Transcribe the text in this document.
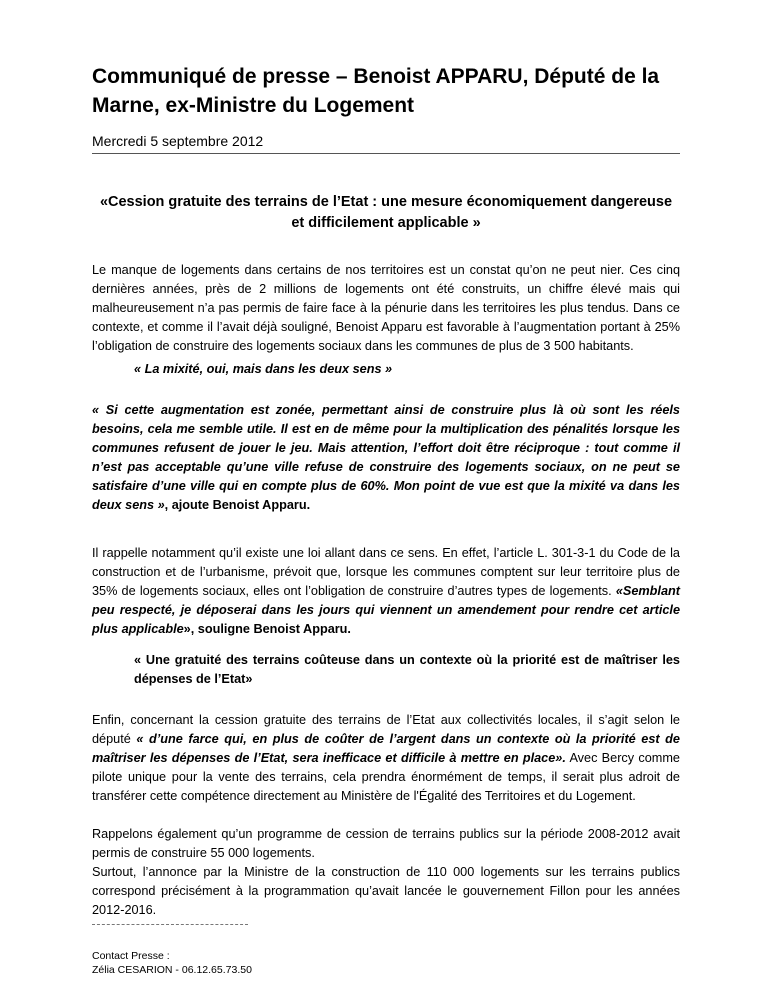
Communiqué de presse – Benoist APPARU, Député de la Marne, ex-Ministre du Logement
Mercredi 5 septembre 2012
«Cession gratuite des terrains de l’Etat : une mesure économiquement dangereuse et difficilement applicable »

Le manque de logements dans certains de nos territoires est un constat qu’on ne peut nier. Ces cinq dernières années, près de 2 millions de logements ont été construits, un chiffre élevé mais qui malheureusement n’a pas permis de faire face à la pénurie dans les territoires les plus tendus. Dans ce contexte, et comme il l’avait déjà souligné, Benoist Apparu est favorable à l’augmentation portant à 25% l’obligation de construire des logements sociaux dans les communes de plus de 3 500 habitants.

« La mixité, oui, mais dans les deux sens »

« Si cette augmentation est zonée, permettant ainsi de construire plus là où sont les réels besoins, cela me semble utile. Il est en de même pour la multiplication des pénalités lorsque les communes refusent de jouer le jeu. Mais attention, l’effort doit être réciproque : tout comme il n’est pas acceptable qu’une ville refuse de construire des logements sociaux, on ne peut se satisfaire d’une ville qui en compte plus de 60%. Mon point de vue est que la mixité va dans les deux sens », ajoute Benoist Apparu.

Il rappelle notamment qu’il existe une loi allant dans ce sens. En effet, l’article L. 301-3-1 du Code de la construction et de l’urbanisme, prévoit que, lorsque les communes comptent sur leur territoire plus de 35% de logements sociaux, elles ont l’obligation de construire d’autres types de logements. «Semblant peu respecté, je déposerai dans les jours qui viennent un amendement pour rendre cet article plus applicable», souligne Benoist Apparu.

« Une gratuité des terrains coûteuse dans un contexte où la priorité est de maîtriser les dépenses de l’Etat»

Enfin, concernant la cession gratuite des terrains de l’Etat aux collectivités locales, il s’agit selon le député « d’une farce qui, en plus de coûter de l’argent dans un contexte où la priorité est de maîtriser les dépenses de l’Etat, sera inefficace et difficile à mettre en place». Avec Bercy comme pilote unique pour la vente des terrains, cela prendra énormément de temps, il serait plus adroit de transférer cette compétence directement au Ministère de l'Égalité des Territoires et du Logement.

Rappelons également qu’un programme de cession de terrains publics sur la période 2008-2012 avait permis de construire 55 000 logements.
Surtout, l’annonce par la Ministre de la construction de 110 000 logements sur les terrains publics correspond précisément à la programmation qu’avait lancée le gouvernement Fillon pour les années 2012-2016.

Contact Presse :
Zélia CESARION - 06.12.65.73.50
